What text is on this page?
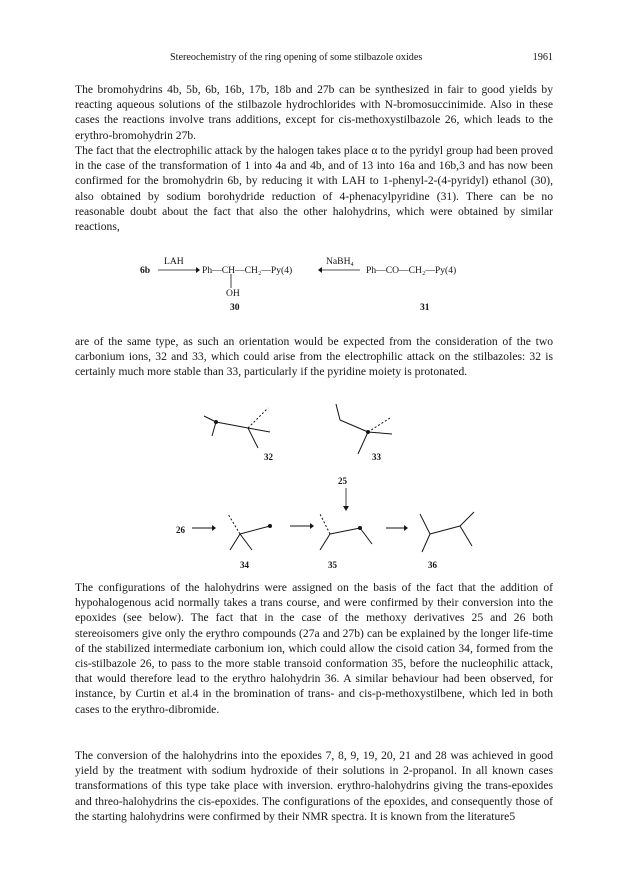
Stereochemistry of the ring opening of some stilbazole oxides	1961

The bromohydrins 4b, 5b, 6b, 16b, 17b, 18b and 27b can be synthesized in fair to good yields by reacting aqueous solutions of the stilbazole hydrochlorides with N-bromosuccinimide. Also in these cases the reactions involve trans additions, except for cis-methoxystilbazole 26, which leads to the erythro-bromohydrin 27b.

The fact that the electrophilic attack by the halogen takes place α to the pyridyl group had been proved in the case of the transformation of 1 into 4a and 4b, and of 13 into 16a and 16b,3 and has now been confirmed for the bromohydrin 6b, by reducing it with LAH to 1-phenyl-2-(4-pyridyl) ethanol (30), also obtained by sodium borohydride reduction of 4-phenacylpyridine (31). There can be no reasonable doubt about the fact that also the other halohydrins, which were obtained by similar reactions,

6b
LAH
Ph—CH—CH₂—Py(4)
OH
30
NaBH₄
Ph—CO—CH₂—Py(4)
31

are of the same type, as such an orientation would be expected from the consideration of the two carbonium ions, 32 and 33, which could arise from the electrophilic attack on the stilbazoles: 32 is certainly much more stable than 33, particularly if the pyridine moiety is protonated.

32	33
25
26
34	35	36

The configurations of the halohydrins were assigned on the basis of the fact that the addition of hypohalogenous acid normally takes a trans course, and were confirmed by their conversion into the epoxides (see below). The fact that in the case of the methoxy derivatives 25 and 26 both stereoisomers give only the erythro compounds (27a and 27b) can be explained by the longer life-time of the stabilized intermediate carbonium ion, which could allow the cisoid cation 34, formed from the cis-stilbazole 26, to pass to the more stable transoid conformation 35, before the nucleophilic attack, that would therefore lead to the erythro halohydrin 36. A similar behaviour had been observed, for instance, by Curtin et al.4 in the bromination of trans- and cis-p-methoxystilbene, which led in both cases to the erythro-dibromide.

The conversion of the halohydrins into the epoxides 7, 8, 9, 19, 20, 21 and 28 was achieved in good yield by the treatment with sodium hydroxide of their solutions in 2-propanol. In all known cases transformations of this type take place with inversion. erythro-halohydrins giving the trans-epoxides and threo-halohydrins the cis-epoxides. The configurations of the epoxides, and consequently those of the starting halohydrins were confirmed by their NMR spectra. It is known from the literature5
